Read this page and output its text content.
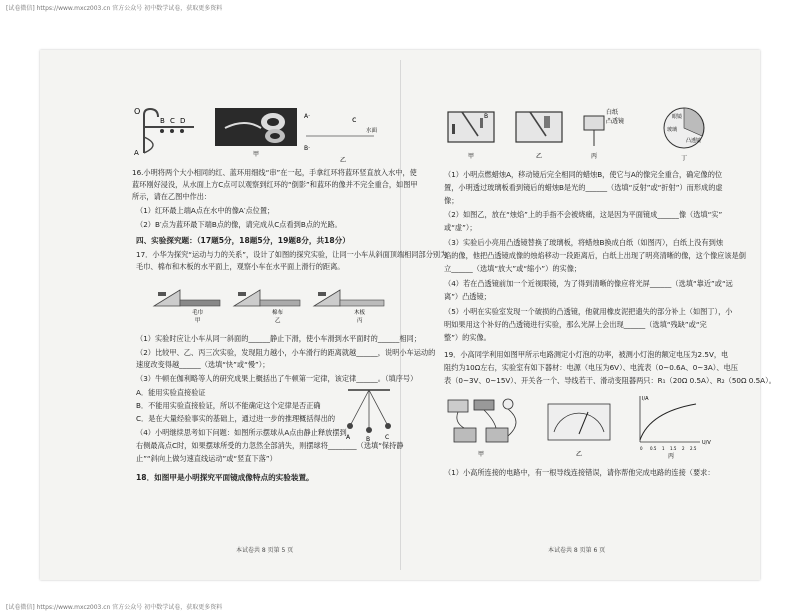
[试卷微信] https://www.mxcz003.cn 官方公众号 初中数学试卷，获取更多资料
O
B C D
A	甲
A·	c
水面
B·
乙
16.小明将两个大小相同的红、蓝环用细线“串”在一起，手拿红环将蓝环竖直放入水中，使
蓝环刚好浸没，从水面上方C点可以观察到红环的“倒影”和蓝环的像并不完全重合，如图甲
所示，请在乙图中作出：
（1）红环最上端A点在水中的像A′点位置；
（2）B′点为蓝环最下端B点的像，请完成从C点看到B点的光路。
四、实验探究题：（17题5分，18题5分，19题8分，共18分）
17．小华为探究“运动与力的关系”，设计了如图的探究实验，让同一小车从斜面顶端相同部分别为
毛巾、棉布和木板的水平面上，观察小车在水平面上滑行的距离。
毛巾
甲
棉布
乙
木板
丙
（1）实验时应让小车从同一斜面的______静止下滑，使小车滑到水平面时的______相同；
（2）比较甲、乙、丙三次实验，发现阻力越小，小车滑行的距离就越______，说明小车运动的
速度改变得越______（选填“快”或“慢”）；
（3）牛顿在伽利略等人的研究成果上概括出了牛顿第一定律，该定律______。（填序号）
A．能用实验直接验证
B．不能用实验直接验证，所以不能确定这个定律是否正确
C．是在大量经验事实的基础上，通过进一步的推理概括得出的
（4）小明继续思考如下问题：如图所示摆球从A点由静止释放摆到
右侧最高点C时，如果摆球所受的力忽然全部消失，则摆球将________（选填“保持静
止”“斜向上做匀速直线运动”或“竖直下落”）
A	B C
18．如图甲是小明探究平面镜成像特点的实验装置。
本试卷共 8 页第 5 页
B
甲	乙
白纸
凸透镜
丙
眼镜
玻璃
凸透镜
丁
（1）小明点燃蜡烛A，移动镜后完全相同的蜡烛B，使它与A的像完全重合，确定像的位
置，小明透过玻璃板看到镜后的蜡烛B是光的______（选填“反射”或“折射”）而形成的虚
像；
（2）如图乙，放在“烛焰”上的手指不会被烧痛，这是因为平面镜成______像（选填“实”
或“虚”）；
（3）实验后小亮用凸透镜替换了玻璃板，将蜡烛B换成白纸（如图丙），白纸上没有到烛
焰的像，他把凸透镜成像的烛焰移动一段距离后，白纸上出现了明亮清晰的像，这个像应该是倒
立______（选填“放大”或“缩小”）的实像；
（4）若在凸透镜前加一个近视眼镜，为了得到清晰的像应将光屏______（选填“靠近”或“远
离”）凸透镜；
（5）小明在实验室发现一个破损的凸透镜，他就用橡皮泥把遗失的部分补上（如图丁），小
明如果用这个补好的凸透镜进行实验，那么光屏上会出现______（选填“残缺”或“完
整”）的实像。
19．小高同学利用如图甲所示电路测定小灯泡的功率，被测小灯泡的额定电压为2.5V，电
阻约为10Ω左右，实验室有如下器材：电源（电压为6V）、电流表（0~0.6A、0~3A）、电压
表（0~3V、0~15V）、开关各一个、导线若干、滑动变阻器两只：R₁（20Ω 0.5A）、R₂（50Ω 0.5A）。
甲	乙
I/A
U/V
0 0.5 1 1.5 2 2.5
丙
（1）小高所连接的电路中，有一根导线连接错误，请你帮他完成电路的连接（要求：
本试卷共 8 页第 6 页
[试卷微信] https://www.mxcz003.cn 官方公众号 初中数学试卷，获取更多资料
